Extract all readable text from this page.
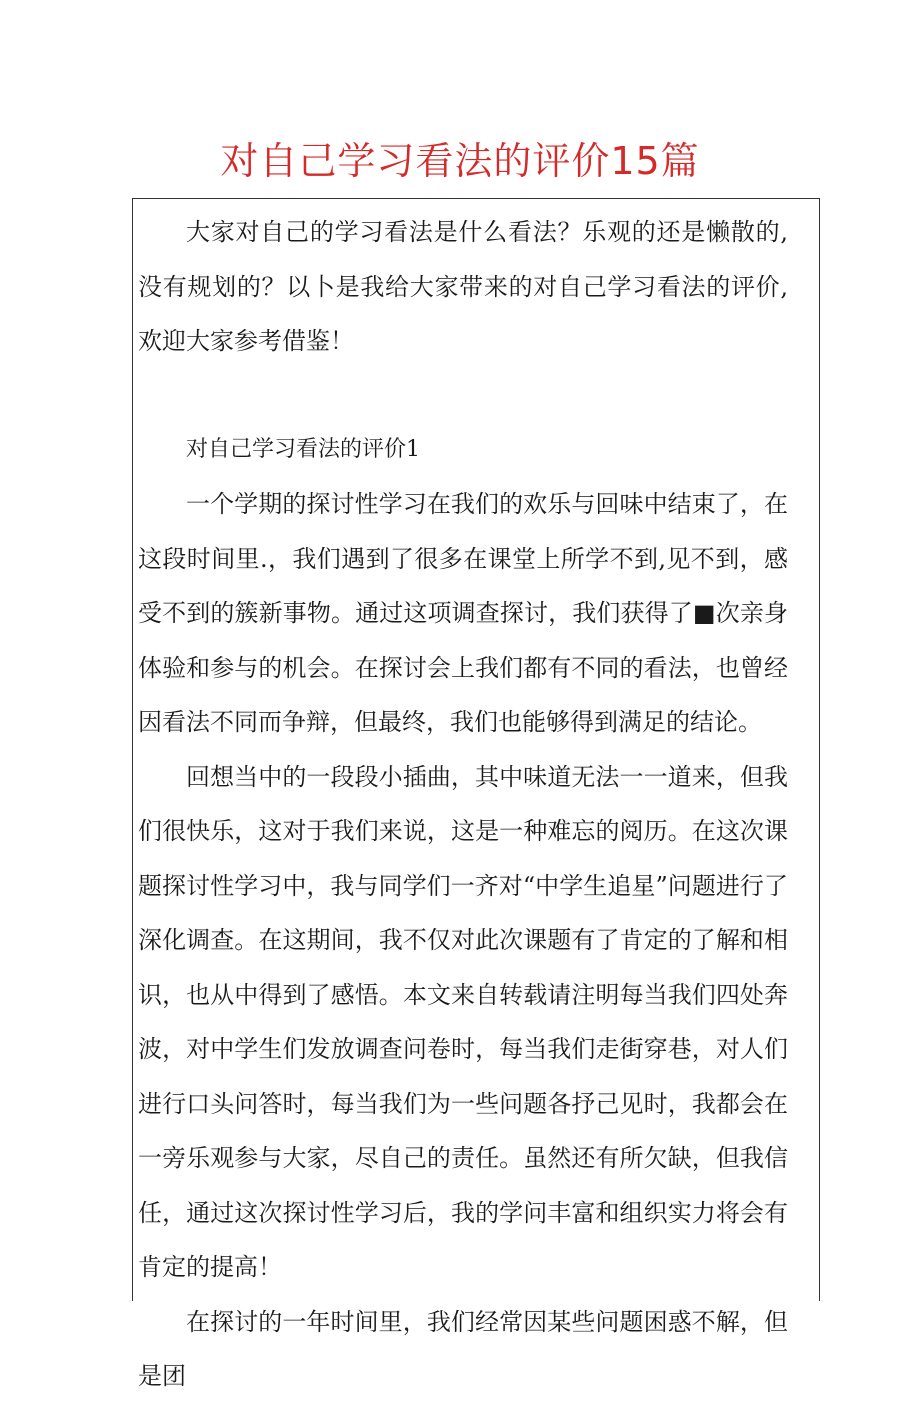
对自己学习看法的评价15篇

大家对自己的学习看法是什么看法？乐观的还是懒散的,没有规划的？以卜是我给大家带来的对自己学习看法的评价,欢迎大家参考借鉴！

对自己学习看法的评价1

一个学期的探讨性学习在我们的欢乐与回味中结束了，在这段时间里.，我们遇到了很多在课堂上所学不到,见不到，感受不到的簇新事物。通过这项调查探讨，我们获得了■次亲身体验和参与的机会。在探讨会上我们都有不同的看法，也曾经因看法不同而争辩，但最终，我们也能够得到满足的结论。

回想当中的一段段小插曲，其中味道无法一一道来，但我们很快乐，这对于我们来说，这是一种难忘的阅历。在这次课题探讨性学习中，我与同学们一齐对“中学生追星”问题进行了深化调查。在这期间，我不仅对此次课题有了肯定的了解和相识，也从中得到了感悟。本文来自转载请注明每当我们四处奔波，对中学生们发放调查问卷时，每当我们走街穿巷，对人们进行口头问答时，每当我们为一些问题各抒己见时，我都会在一旁乐观参与大家，尽自己的责任。虽然还有所欠缺，但我信任，通过这次探讨性学习后，我的学问丰富和组织实力将会有肯定的提高！

在探讨的一年时间里，我们经常因某些问题困惑不解，但是团
